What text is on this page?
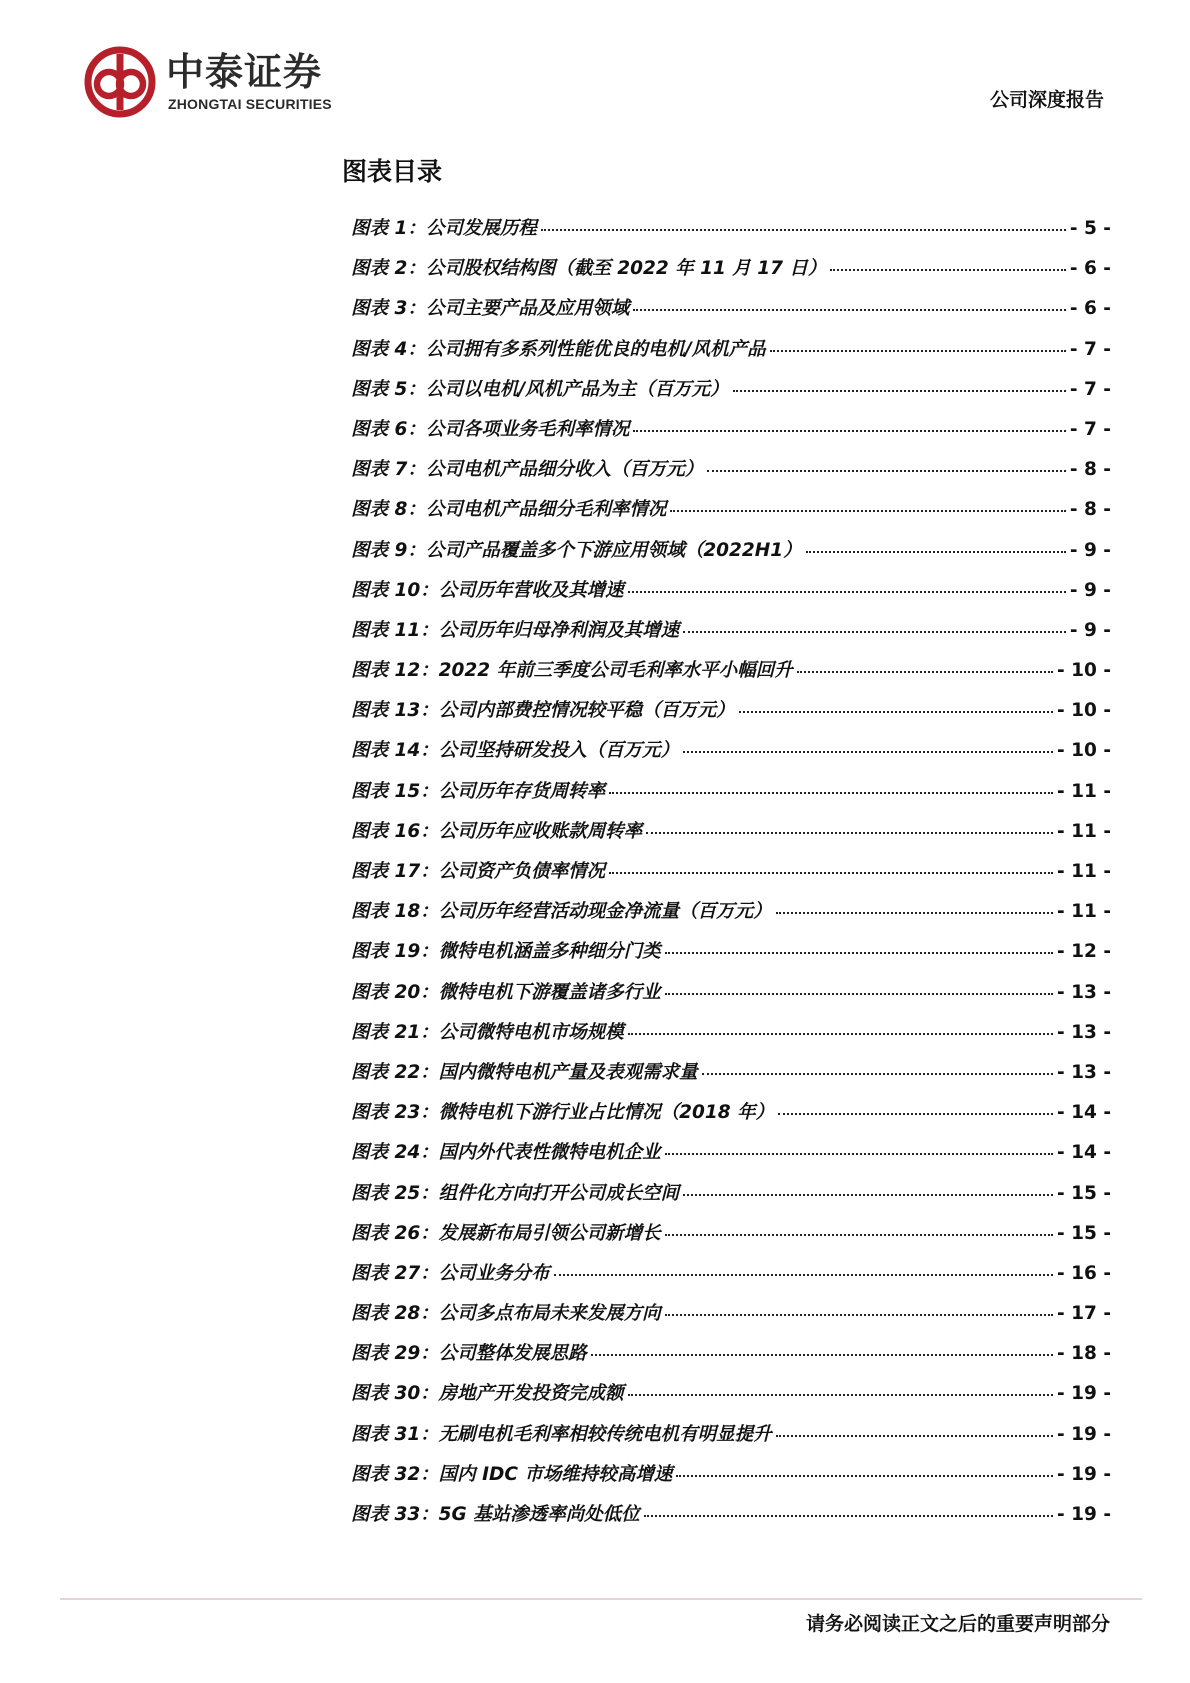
中泰证券
ZHONGTAI SECURITIES	公司深度报告
图表目录
图表 1：公司发展历程	- 5 -
图表 2：公司股权结构图（截至 2022 年 11 月 17 日）	- 6 -
图表 3：公司主要产品及应用领域	- 6 -
图表 4：公司拥有多系列性能优良的电机/风机产品	- 7 -
图表 5：公司以电机/风机产品为主（百万元）	- 7 -
图表 6：公司各项业务毛利率情况	- 7 -
图表 7：公司电机产品细分收入（百万元）	- 8 -
图表 8：公司电机产品细分毛利率情况	- 8 -
图表 9：公司产品覆盖多个下游应用领域（2022H1）	- 9 -
图表 10：公司历年营收及其增速	- 9 -
图表 11：公司历年归母净利润及其增速	- 9 -
图表 12：2022 年前三季度公司毛利率水平小幅回升	- 10 -
图表 13：公司内部费控情况较平稳（百万元）	- 10 -
图表 14：公司坚持研发投入（百万元）	- 10 -
图表 15：公司历年存货周转率	- 11 -
图表 16：公司历年应收账款周转率	- 11 -
图表 17：公司资产负债率情况	- 11 -
图表 18：公司历年经营活动现金净流量（百万元）	- 11 -
图表 19：微特电机涵盖多种细分门类	- 12 -
图表 20：微特电机下游覆盖诸多行业	- 13 -
图表 21：公司微特电机市场规模	- 13 -
图表 22：国内微特电机产量及表观需求量	- 13 -
图表 23：微特电机下游行业占比情况（2018 年）	- 14 -
图表 24：国内外代表性微特电机企业	- 14 -
图表 25：组件化方向打开公司成长空间	- 15 -
图表 26：发展新布局引领公司新增长	- 15 -
图表 27：公司业务分布	- 16 -
图表 28：公司多点布局未来发展方向	- 17 -
图表 29：公司整体发展思路	- 18 -
图表 30：房地产开发投资完成额	- 19 -
图表 31：无刷电机毛利率相较传统电机有明显提升	- 19 -
图表 32：国内 IDC 市场维持较高增速	- 19 -
图表 33：5G 基站渗透率尚处低位	- 19 -
请务必阅读正文之后的重要声明部分
